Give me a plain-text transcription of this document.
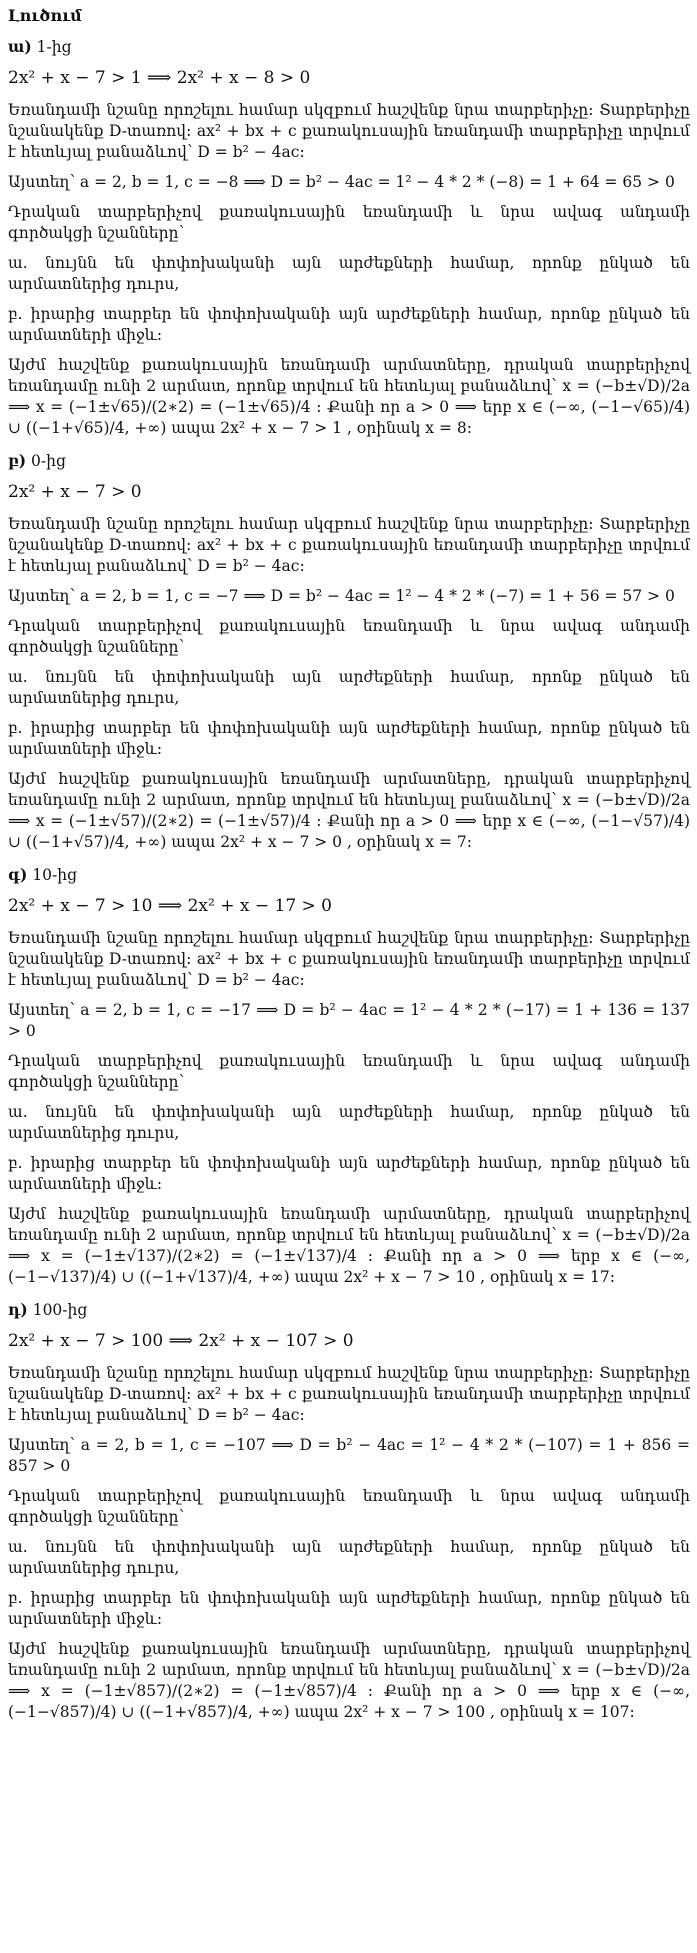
Լուծում
ա) 1-ից
2x² + x − 7 > 1 ⟹ 2x² + x − 8 > 0
Եռանդամի նշանը որոշելու համար սկզբում հաշվենք նրա տարբերիչը: Տարբերիչը նշանակենք D-տառով: ax² + bx + c քառակուսային եռանդամի տարբերիչը տրվում է հետևյալ բանաձևով՝ D = b² − 4ac:
Այստեղ՝ a = 2, b = 1, c = −8 ⟹ D = b² − 4ac = 1² − 4 * 2 * (−8) = 1 + 64 = 65 > 0
Դրական տարբերիչով քառակուսային եռանդամի և նրա ավագ անդամի գործակցի նշանները՝
ա. նույնն են փոփոխականի այն արժեքների համար, որոնք ընկած են արմատներից դուրս,
բ. իրարից տարբեր են փոփոխականի այն արժեքների համար, որոնք ընկած են արմատների միջև:
Այժմ հաշվենք քառակուսային եռանդամի արմատները, դրական տարբերիչով եռանդամը ունի 2 արմատ, որոնք տրվում են հետևյալ բանաձևով՝ x = (−b±√D)/2a ⟹ x = (−1±√65)/(2∗2) = (−1±√65)/4 : Քանի որ a > 0 ⟹ երբ x ∈ (−∞, (−1−√65)/4) ∪ ((−1+√65)/4, +∞) ապա 2x² + x − 7 > 1 , օրինակ x = 8:
բ) 0-ից
2x² + x − 7 > 0
Եռանդամի նշանը որոշելու համար սկզբում հաշվենք նրա տարբերիչը: Տարբերիչը նշանակենք D-տառով: ax² + bx + c քառակուսային եռանդամի տարբերիչը տրվում է հետևյալ բանաձևով՝ D = b² − 4ac:
Այստեղ՝ a = 2, b = 1, c = −7 ⟹ D = b² − 4ac = 1² − 4 * 2 * (−7) = 1 + 56 = 57 > 0
Դրական տարբերիչով քառակուսային եռանդամի և նրա ավագ անդամի գործակցի նշանները՝
ա. նույնն են փոփոխականի այն արժեքների համար, որոնք ընկած են արմատներից դուրս,
բ. իրարից տարբեր են փոփոխականի այն արժեքների համար, որոնք ընկած են արմատների միջև:
Այժմ հաշվենք քառակուսային եռանդամի արմատները, դրական տարբերիչով եռանդամը ունի 2 արմատ, որոնք տրվում են հետևյալ բանաձևով՝ x = (−b±√D)/2a ⟹ x = (−1±√57)/(2∗2) = (−1±√57)/4 : Քանի որ a > 0 ⟹ երբ x ∈ (−∞, (−1−√57)/4) ∪ ((−1+√57)/4, +∞) ապա 2x² + x − 7 > 0 , օրինակ x = 7:
գ) 10-ից
2x² + x − 7 > 10 ⟹ 2x² + x − 17 > 0
Եռանդամի նշանը որոշելու համար սկզբում հաշվենք նրա տարբերիչը: Տարբերիչը նշանակենք D-տառով: ax² + bx + c քառակուսային եռանդամի տարբերիչը տրվում է հետևյալ բանաձևով՝ D = b² − 4ac:
Այստեղ՝ a = 2, b = 1, c = −17 ⟹ D = b² − 4ac = 1² − 4 * 2 * (−17) = 1 + 136 = 137 > 0
Դրական տարբերիչով քառակուսային եռանդամի և նրա ավագ անդամի գործակցի նշանները՝
ա. նույնն են փոփոխականի այն արժեքների համար, որոնք ընկած են արմատներից դուրս,
բ. իրարից տարբեր են փոփոխականի այն արժեքների համար, որոնք ընկած են արմատների միջև:
Այժմ հաշվենք քառակուսային եռանդամի արմատները, դրական տարբերիչով եռանդամը ունի 2 արմատ, որոնք տրվում են հետևյալ բանաձևով՝ x = (−b±√D)/2a ⟹ x = (−1±√137)/(2∗2) = (−1±√137)/4 : Քանի որ a > 0 ⟹ երբ x ∈ (−∞, (−1−√137)/4) ∪ ((−1+√137)/4, +∞) ապա 2x² + x − 7 > 10 , օրինակ x = 17:
դ) 100-ից
2x² + x − 7 > 100 ⟹ 2x² + x − 107 > 0
Եռանդամի նշանը որոշելու համար սկզբում հաշվենք նրա տարբերիչը: Տարբերիչը նշանակենք D-տառով: ax² + bx + c քառակուսային եռանդամի տարբերիչը տրվում է հետևյալ բանաձևով՝ D = b² − 4ac:
Այստեղ՝ a = 2, b = 1, c = −107 ⟹ D = b² − 4ac = 1² − 4 * 2 * (−107) = 1 + 856 = 857 > 0
Դրական տարբերիչով քառակուսային եռանդամի և նրա ավագ անդամի գործակցի նշանները՝
ա. նույնն են փոփոխականի այն արժեքների համար, որոնք ընկած են արմատներից դուրս,
բ. իրարից տարբեր են փոփոխականի այն արժեքների համար, որոնք ընկած են արմատների միջև:
Այժմ հաշվենք քառակուսային եռանդամի արմատները, դրական տարբերիչով եռանդամը ունի 2 արմատ, որոնք տրվում են հետևյալ բանաձևով՝ x = (−b±√D)/2a ⟹ x = (−1±√857)/(2∗2) = (−1±√857)/4 : Քանի որ a > 0 ⟹ երբ x ∈ (−∞, (−1−√857)/4) ∪ ((−1+√857)/4, +∞) ապա 2x² + x − 7 > 100 , օրինակ x = 107:
